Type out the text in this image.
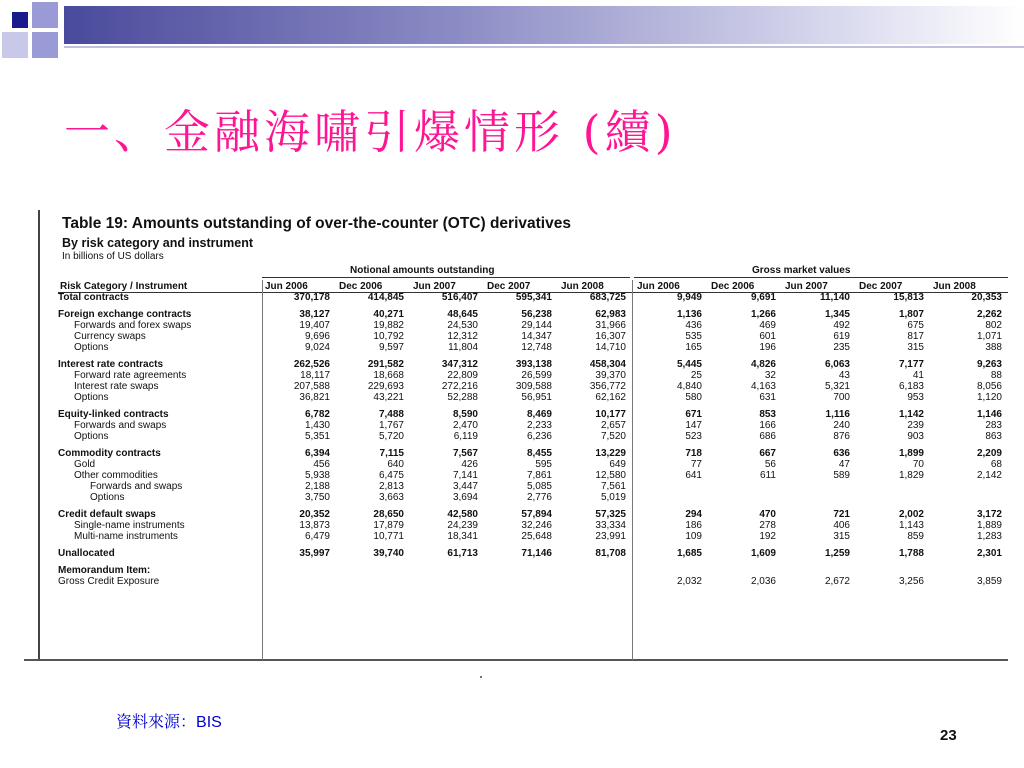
一、金融海嘯引爆情形 (續)
Table 19: Amounts outstanding of over-the-counter (OTC) derivatives
By risk category and instrument
In billions of US dollars
Notional amounts outstanding	Gross market values
Risk Category / Instrument	Jun 2006	Dec 2006	Jun 2007	Dec 2007	Jun 2008	Jun 2006	Dec 2006	Jun 2007	Dec 2007	Jun 2008
Total contracts	370,178	414,845	516,407	595,341	683,725	9,949	9,691	11,140	15,813	20,353

Foreign exchange contracts	38,127	40,271	48,645	56,238	62,983	1,136	1,266	1,345	1,807	2,262
Forwards and forex swaps	19,407	19,882	24,530	29,144	31,966	436	469	492	675	802
Currency swaps	9,696	10,792	12,312	14,347	16,307	535	601	619	817	1,071
Options	9,024	9,597	11,804	12,748	14,710	165	196	235	315	388

Interest rate contracts	262,526	291,582	347,312	393,138	458,304	5,445	4,826	6,063	7,177	9,263
Forward rate agreements	18,117	18,668	22,809	26,599	39,370	25	32	43	41	88
Interest rate swaps	207,588	229,693	272,216	309,588	356,772	4,840	4,163	5,321	6,183	8,056
Options	36,821	43,221	52,288	56,951	62,162	580	631	700	953	1,120

Equity-linked contracts	6,782	7,488	8,590	8,469	10,177	671	853	1,116	1,142	1,146
Forwards and swaps	1,430	1,767	2,470	2,233	2,657	147	166	240	239	283
Options	5,351	5,720	6,119	6,236	7,520	523	686	876	903	863

Commodity contracts	6,394	7,115	7,567	8,455	13,229	718	667	636	1,899	2,209
Gold	456	640	426	595	649	77	56	47	70	68
Other commodities	5,938	6,475	7,141	7,861	12,580	641	611	589	1,829	2,142
Forwards and swaps	2,188	2,813	3,447	5,085	7,561					
Options	3,750	3,663	3,694	2,776	5,019					

Credit default swaps	20,352	28,650	42,580	57,894	57,325	294	470	721	2,002	3,172
Single-name instruments	13,873	17,879	24,239	32,246	33,334	186	278	406	1,143	1,889
Multi-name instruments	6,479	10,771	18,341	25,648	23,991	109	192	315	859	1,283

Unallocated	35,997	39,740	61,713	71,146	81,708	1,685	1,609	1,259	1,788	2,301

Memorandum Item:										
Gross Credit Exposure						2,032	2,036	2,672	3,256	3,859
資料來源：BIS
23
